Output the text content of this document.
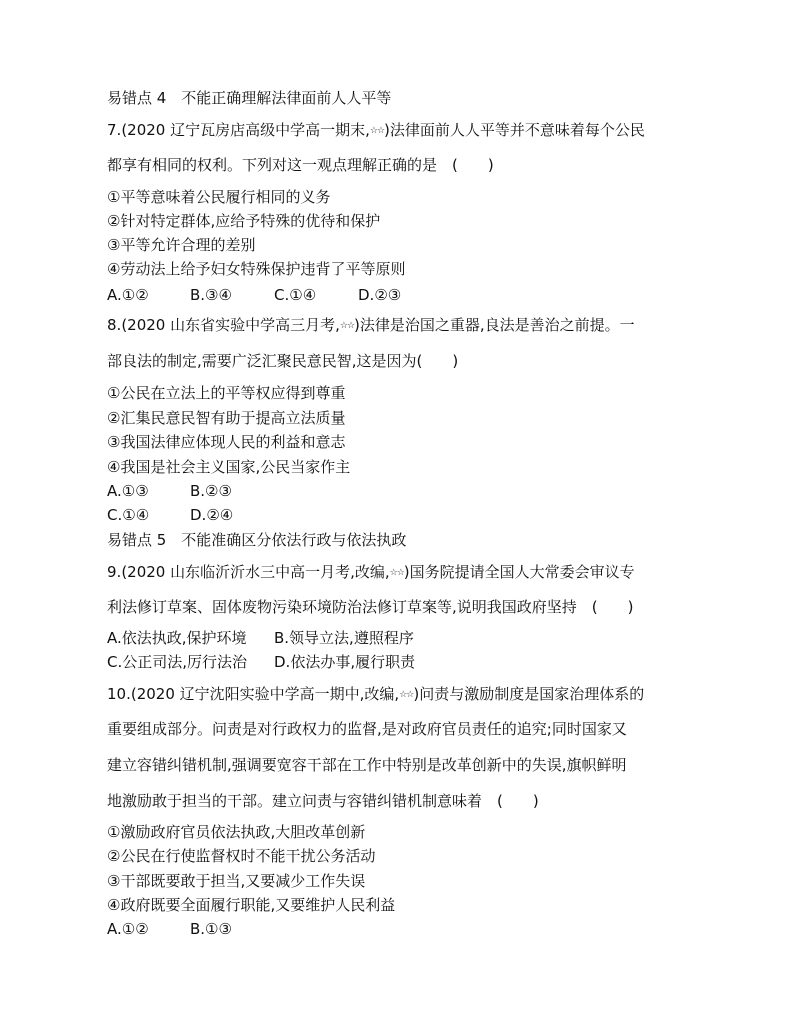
易错点 4　不能正确理解法律面前人人平等
7.(2020 辽宁瓦房店高级中学高一期末,☆☆)法律面前人人平等并不意味着每个公民
都享有相同的权利。下列对这一观点理解正确的是　(　　)
①平等意味着公民履行相同的义务
②针对特定群体,应给予特殊的优待和保护
③平等允许合理的差别
④劳动法上给予妇女特殊保护违背了平等原则
A.①②	B.③④	C.①④	D.②③
8.(2020 山东省实验中学高三月考,☆☆)法律是治国之重器,良法是善治之前提。一
部良法的制定,需要广泛汇聚民意民智,这是因为(　　)
①公民在立法上的平等权应得到尊重
②汇集民意民智有助于提高立法质量
③我国法律应体现人民的利益和意志
④我国是社会主义国家,公民当家作主
A.①③	B.②③
C.①④	D.②④
易错点 5　不能准确区分依法行政与依法执政
9.(2020 山东临沂沂水三中高一月考,改编,☆☆)国务院提请全国人大常委会审议专
利法修订草案、固体废物污染环境防治法修订草案等,说明我国政府坚持　(　　)
A.依法执政,保护环境 B.领导立法,遵照程序
C.公正司法,厉行法治 D.依法办事,履行职责
10.(2020 辽宁沈阳实验中学高一期中,改编,☆☆)问责与激励制度是国家治理体系的
重要组成部分。问责是对行政权力的监督,是对政府官员责任的追究;同时国家又
建立容错纠错机制,强调要宽容干部在工作中特别是改革创新中的失误,旗帜鲜明
地激励敢于担当的干部。建立问责与容错纠错机制意味着　(　　)
①激励政府官员依法执政,大胆改革创新
②公民在行使监督权时不能干扰公务活动
③干部既要敢于担当,又要减少工作失误
④政府既要全面履行职能,又要维护人民利益
A.①②	B.①③
